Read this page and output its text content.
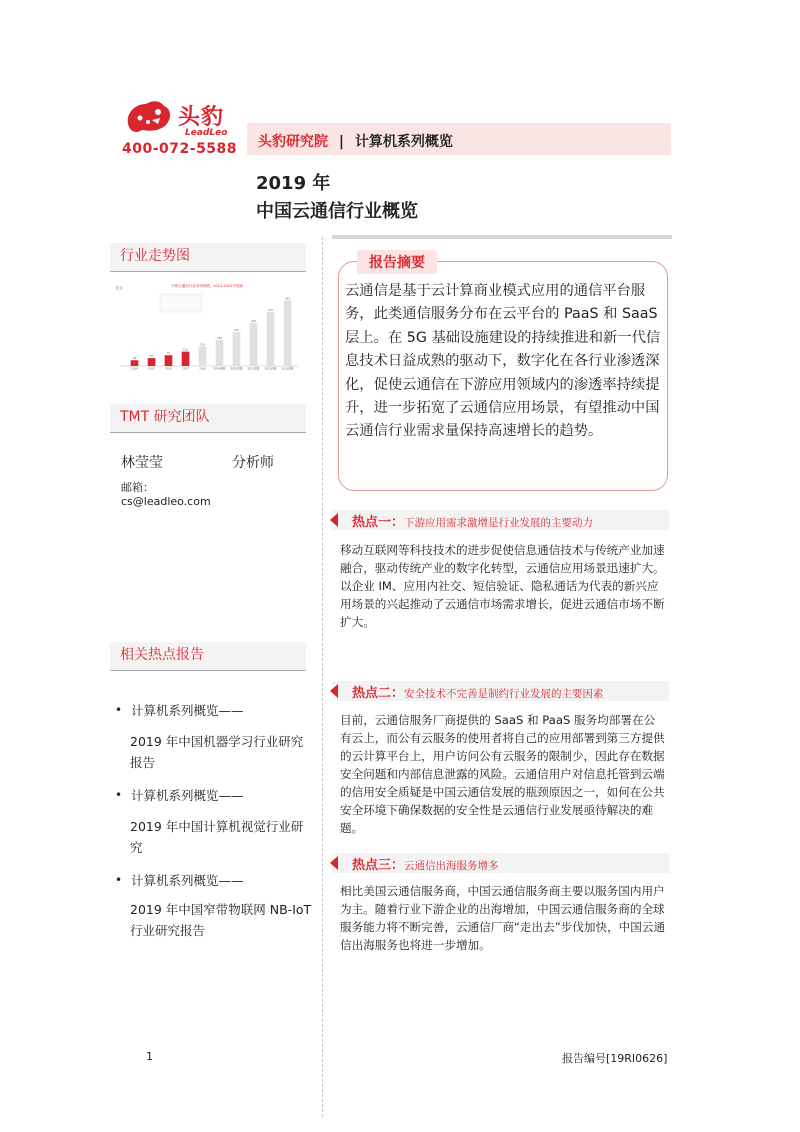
头豹
LeadLeo
400-072-5588 头豹研究院 | 计算机系列概览
2019 年
中国云通信行业概览
行业走势图
中国云通信行业市场规模，2014-2023年预测
亿元
2014
40
2015
55
2016
75
2017
100
2018
135
2019预测
180
2020预测
235
2021预测
300
2022预测
375
2023预测
455
TMT 研究团队
林莹莹	分析师
邮箱：
cs@leadleo.com
相关热点报告
• 计算机系列概览——
2019 年中国机器学习行业研究报告
• 计算机系列概览——
2019 年中国计算机视觉行业研究
• 计算机系列概览——
2019 年中国窄带物联网 NB-IoT 行业研究报告
报告摘要
云通信是基于云计算商业模式应用的通信平台服务，此类通信服务分布在云平台的 PaaS 和 SaaS 层上。在 5G 基础设施建设的持续推进和新一代信息技术日益成熟的驱动下，数字化在各行业渗透深化，促使云通信在下游应用领域内的渗透率持续提升，进一步拓宽了云通信应用场景，有望推动中国云通信行业需求量保持高速增长的趋势。
热点一：下游应用需求激增是行业发展的主要动力
移动互联网等科技技术的进步促使信息通信技术与传统产业加速融合，驱动传统产业的数字化转型，云通信应用场景迅速扩大。以企业 IM、应用内社交、短信验证、隐私通话为代表的新兴应用场景的兴起推动了云通信市场需求增长，促进云通信市场不断扩大。
热点二：安全技术不完善是制约行业发展的主要因素
目前，云通信服务厂商提供的 SaaS 和 PaaS 服务均部署在公有云上，而公有云服务的使用者将自己的应用部署到第三方提供的云计算平台上，用户访问公有云服务的限制少，因此存在数据安全问题和内部信息泄露的风险。云通信用户对信息托管到云端的信用安全质疑是中国云通信发展的瓶颈原因之一，如何在公共安全环境下确保数据的安全性是云通信行业发展亟待解决的难题。
热点三：云通信出海服务增多
相比美国云通信服务商，中国云通信服务商主要以服务国内用户为主。随着行业下游企业的出海增加，中国云通信服务商的全球服务能力将不断完善，云通信厂商“走出去”步伐加快，中国云通信出海服务也将进一步增加。
1	报告编号[19RI0626]
